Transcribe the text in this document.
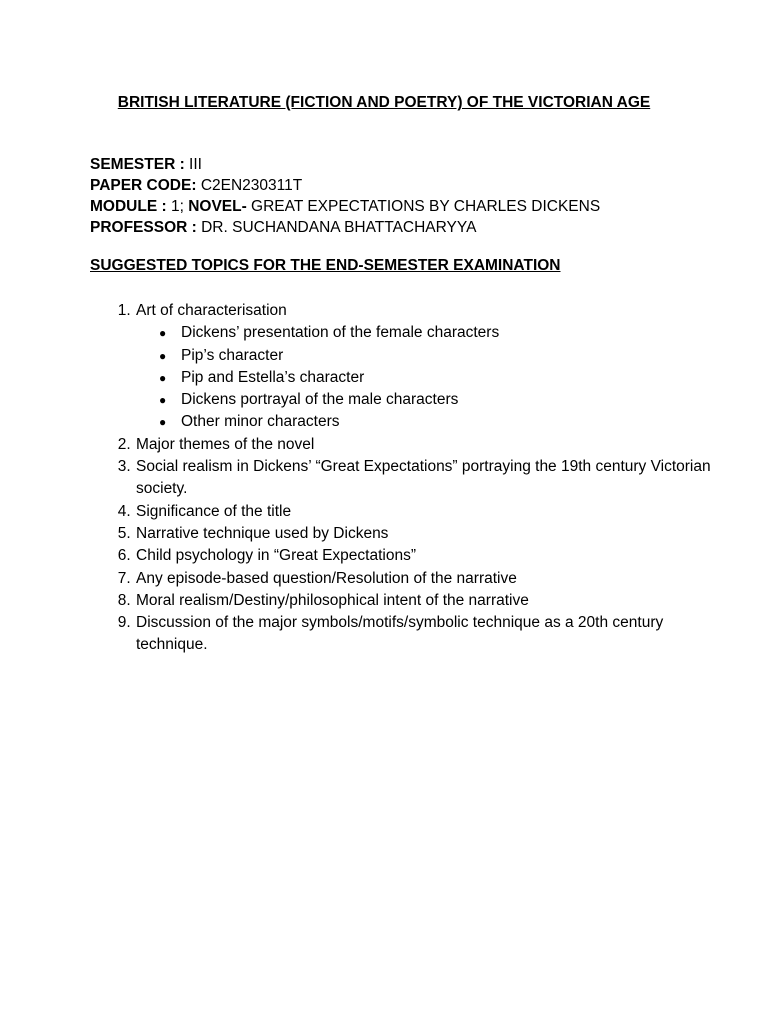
BRITISH LITERATURE (FICTION AND POETRY) OF THE VICTORIAN AGE
SEMESTER : III
PAPER CODE: C2EN230311T
MODULE : 1; NOVEL- GREAT EXPECTATIONS BY CHARLES DICKENS
PROFESSOR : DR. SUCHANDANA BHATTACHARYYA
SUGGESTED TOPICS FOR THE END-SEMESTER EXAMINATION
1. Art of characterisation
● Dickens’ presentation of the female characters
● Pip’s character
● Pip and Estella’s character
● Dickens portrayal of the male characters
● Other minor characters
2. Major themes of the novel
3. Social realism in Dickens’ “Great Expectations” portraying the 19th century Victorian society.
4. Significance of the title
5. Narrative technique used by Dickens
6. Child psychology in “Great Expectations”
7. Any episode-based question/Resolution of the narrative
8. Moral realism/Destiny/philosophical intent of the narrative
9. Discussion of the major symbols/motifs/symbolic technique as a 20th century technique.
